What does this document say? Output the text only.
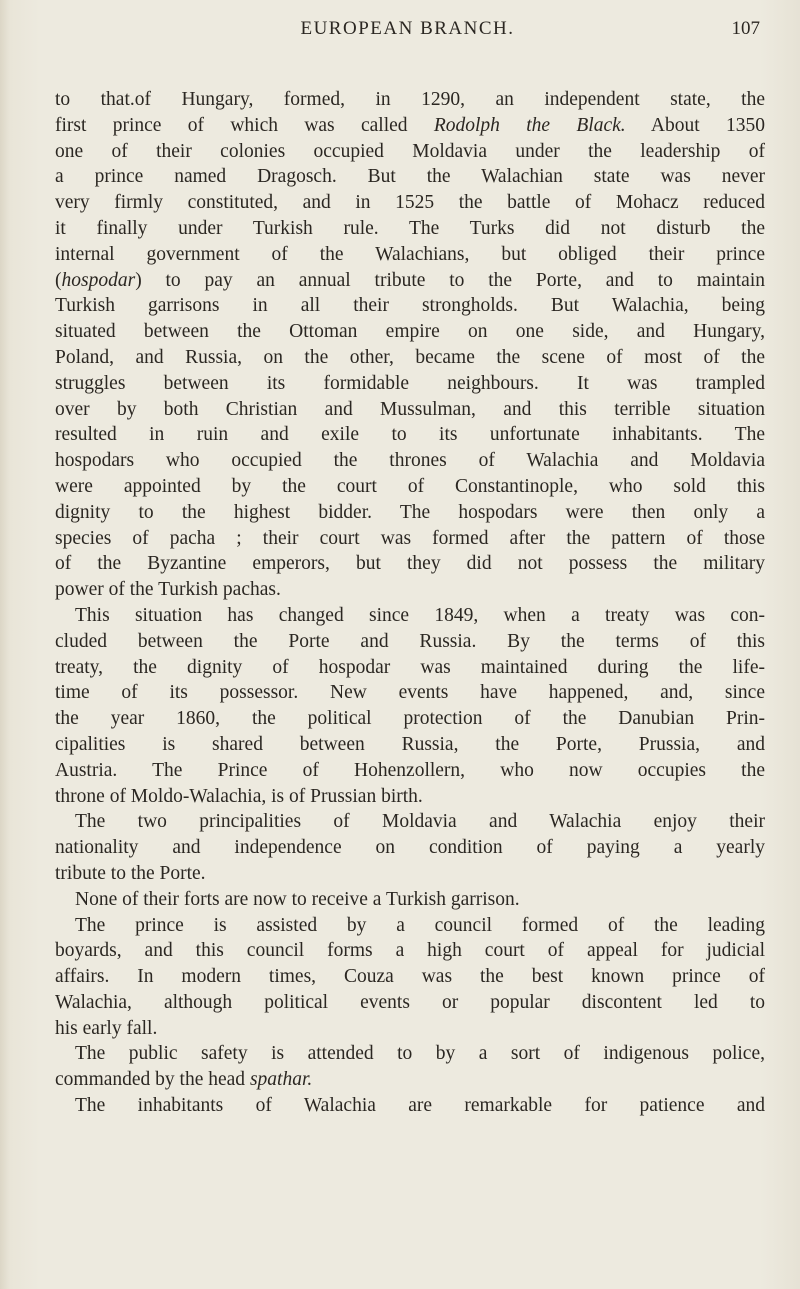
EUROPEAN BRANCH.	107
to that.of Hungary, formed, in 1290, an independent state, the
first prince of which was called Rodolph the Black. About 1350
one of their colonies occupied Moldavia under the leadership of
a prince named Dragosch. But the Walachian state was never
very firmly constituted, and in 1525 the battle of Mohacz reduced
it finally under Turkish rule. The Turks did not disturb the
internal government of the Walachians, but obliged their prince
(hospodar) to pay an annual tribute to the Porte, and to maintain
Turkish garrisons in all their strongholds. But Walachia, being
situated between the Ottoman empire on one side, and Hungary,
Poland, and Russia, on the other, became the scene of most of the
struggles between its formidable neighbours. It was trampled
over by both Christian and Mussulman, and this terrible situation
resulted in ruin and exile to its unfortunate inhabitants. The
hospodars who occupied the thrones of Walachia and Moldavia
were appointed by the court of Constantinople, who sold this
dignity to the highest bidder. The hospodars were then only a
species of pacha ; their court was formed after the pattern of those
of the Byzantine emperors, but they did not possess the military
power of the Turkish pachas.
This situation has changed since 1849, when a treaty was con-
cluded between the Porte and Russia. By the terms of this
treaty, the dignity of hospodar was maintained during the life-
time of its possessor. New events have happened, and, since
the year 1860, the political protection of the Danubian Prin-
cipalities is shared between Russia, the Porte, Prussia, and
Austria. The Prince of Hohenzollern, who now occupies the
throne of Moldo-Walachia, is of Prussian birth.
The two principalities of Moldavia and Walachia enjoy their
nationality and independence on condition of paying a yearly
tribute to the Porte.
None of their forts are now to receive a Turkish garrison.
The prince is assisted by a council formed of the leading
boyards, and this council forms a high court of appeal for judicial
affairs. In modern times, Couza was the best known prince of
Walachia, although political events or popular discontent led to
his early fall.
The public safety is attended to by a sort of indigenous police,
commanded by the head spathar.
The inhabitants of Walachia are remarkable for patience and
